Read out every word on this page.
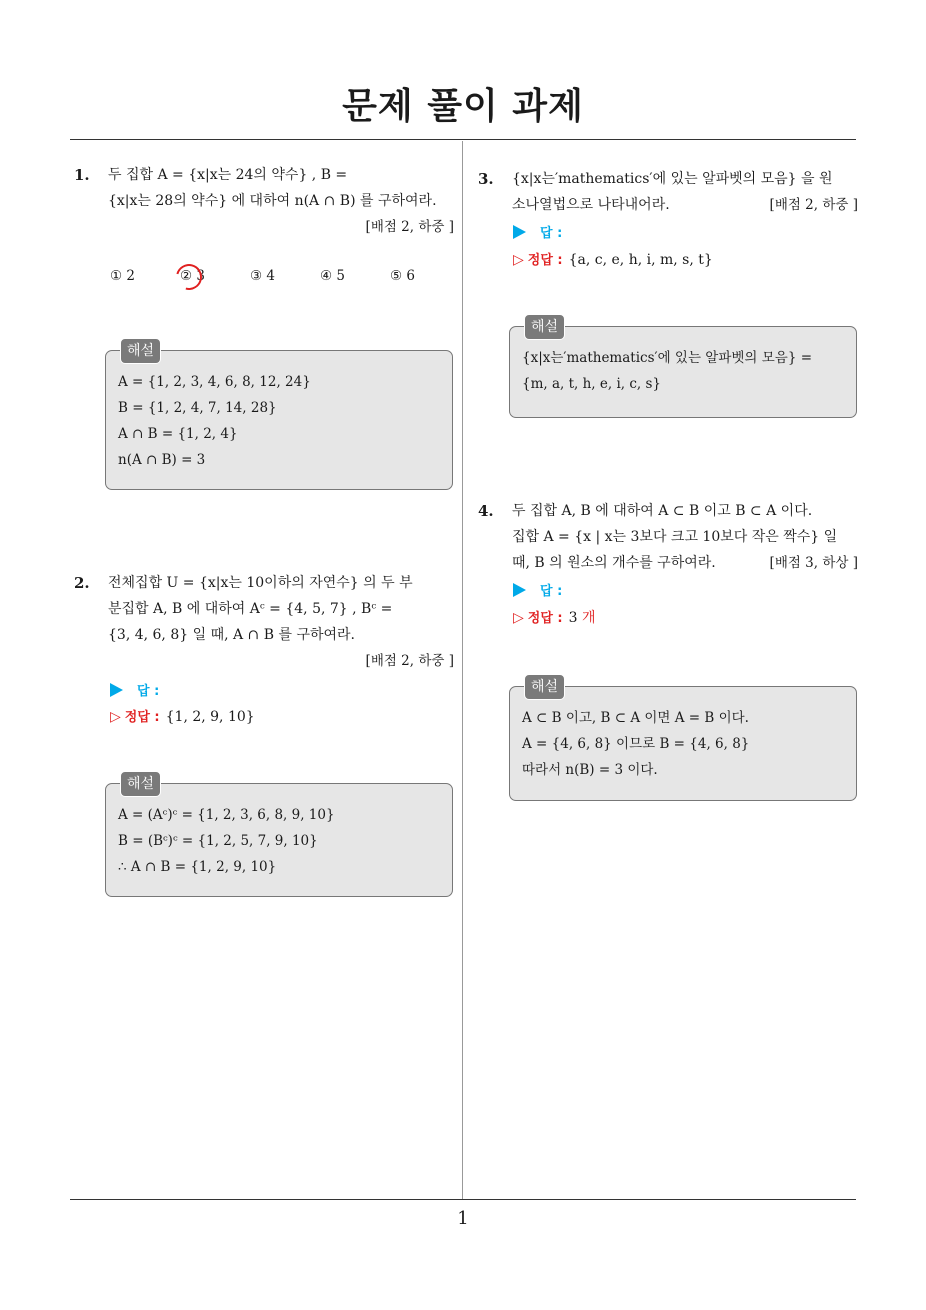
문제 풀이 과제
1. 두 집합 A = {x|x는 24의 약수} , B =
{x|x는 28의 약수} 에 대하여 n(A ∩ B) 를 구하여라.
[배점 2, 하중 ]
① 2	② 3	③ 4	④ 5	⑤ 6
해설
A = {1, 2, 3, 4, 6, 8, 12, 24}
B = {1, 2, 4, 7, 14, 28}
A ∩ B = {1, 2, 4}
n(A ∩ B) = 3
2. 전체집합 U = {x|x는 10이하의 자연수} 의 두 부
분집합 A, B 에 대하여 Aᶜ = {4, 5, 7} , Bᶜ =
{3, 4, 6, 8} 일 때, A ∩ B 를 구하여라.
[배점 2, 하중 ]
답 :
▷ 정답 : {1, 2, 9, 10}
해설
A = (Aᶜ)ᶜ = {1, 2, 3, 6, 8, 9, 10}
B = (Bᶜ)ᶜ = {1, 2, 5, 7, 9, 10}
∴ A ∩ B = {1, 2, 9, 10}
3. {x|x는′mathematics′에 있는 알파벳의 모음} 을 원
소나열법으로 나타내어라.	[배점 2, 하중 ]
답 :
▷ 정답 : {a, c, e, h, i, m, s, t}
해설
{x|x는′mathematics′에 있는 알파벳의 모음} =
{m, a, t, h, e, i, c, s}
4. 두 집합 A, B 에 대하여 A ⊂ B 이고 B ⊂ A 이다.
집합 A = {x | x는 3보다 크고 10보다 작은 짝수} 일
때, B 의 원소의 개수를 구하여라.	[배점 3, 하상 ]
답 :
▷ 정답 : 3 개
해설
A ⊂ B 이고, B ⊂ A 이면 A = B 이다.
A = {4, 6, 8} 이므로 B = {4, 6, 8}
따라서 n(B) = 3 이다.
1
